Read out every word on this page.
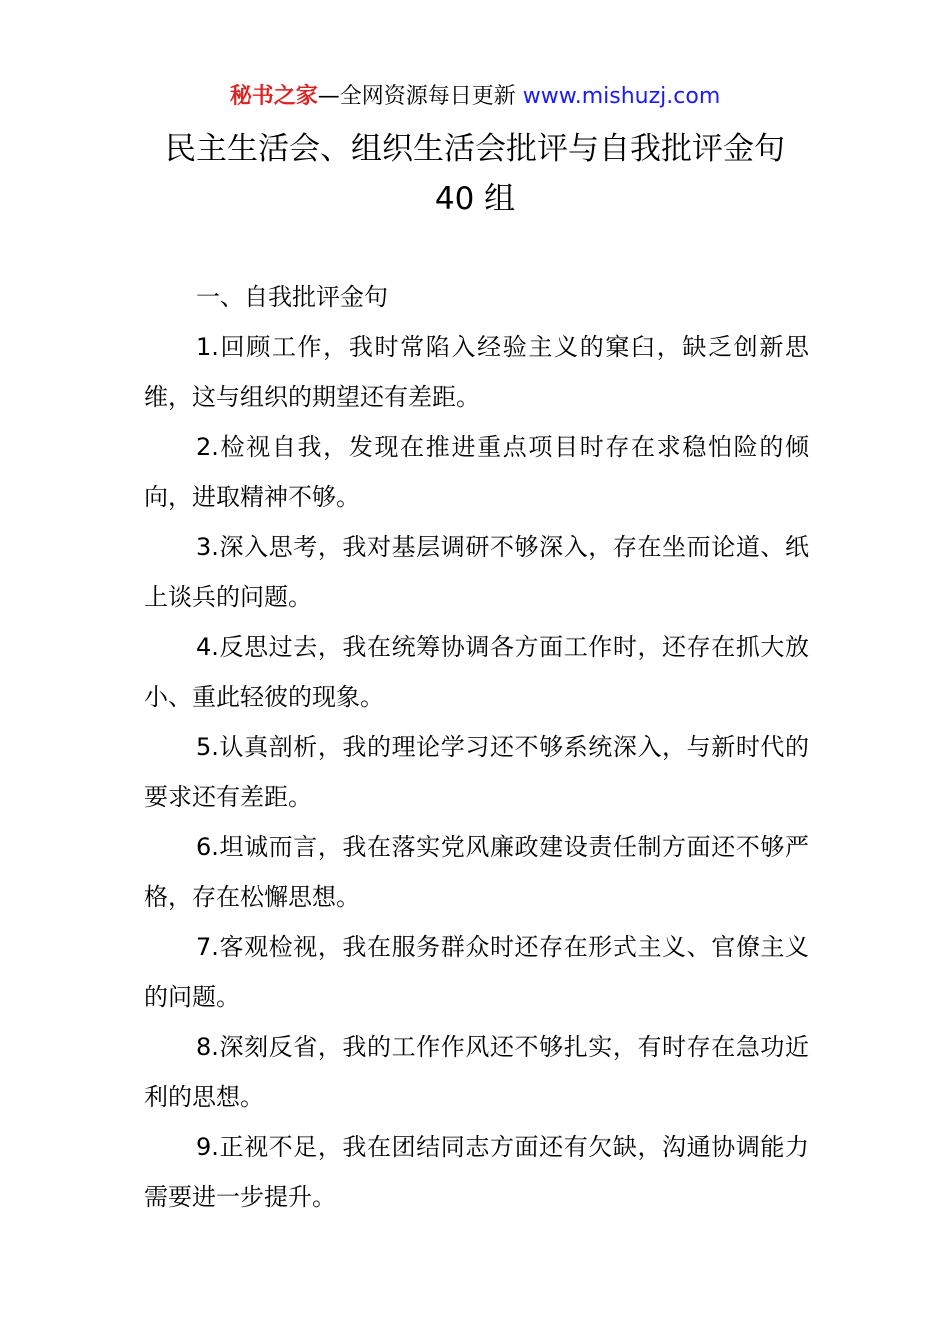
秘书之家—全网资源每日更新 www.mishuzj.com
民主生活会、组织生活会批评与自我批评金句
40 组

一、自我批评金句

1.回顾工作，我时常陷入经验主义的窠臼，缺乏创新思维，这与组织的期望还有差距。

2.检视自我，发现在推进重点项目时存在求稳怕险的倾向，进取精神不够。

3.深入思考，我对基层调研不够深入，存在坐而论道、纸上谈兵的问题。

4.反思过去，我在统筹协调各方面工作时，还存在抓大放小、重此轻彼的现象。

5.认真剖析，我的理论学习还不够系统深入，与新时代的要求还有差距。

6.坦诚而言，我在落实党风廉政建设责任制方面还不够严格，存在松懈思想。

7.客观检视，我在服务群众时还存在形式主义、官僚主义的问题。

8.深刻反省，我的工作作风还不够扎实，有时存在急功近利的思想。

9.正视不足，我在团结同志方面还有欠缺，沟通协调能力需要进一步提升。
